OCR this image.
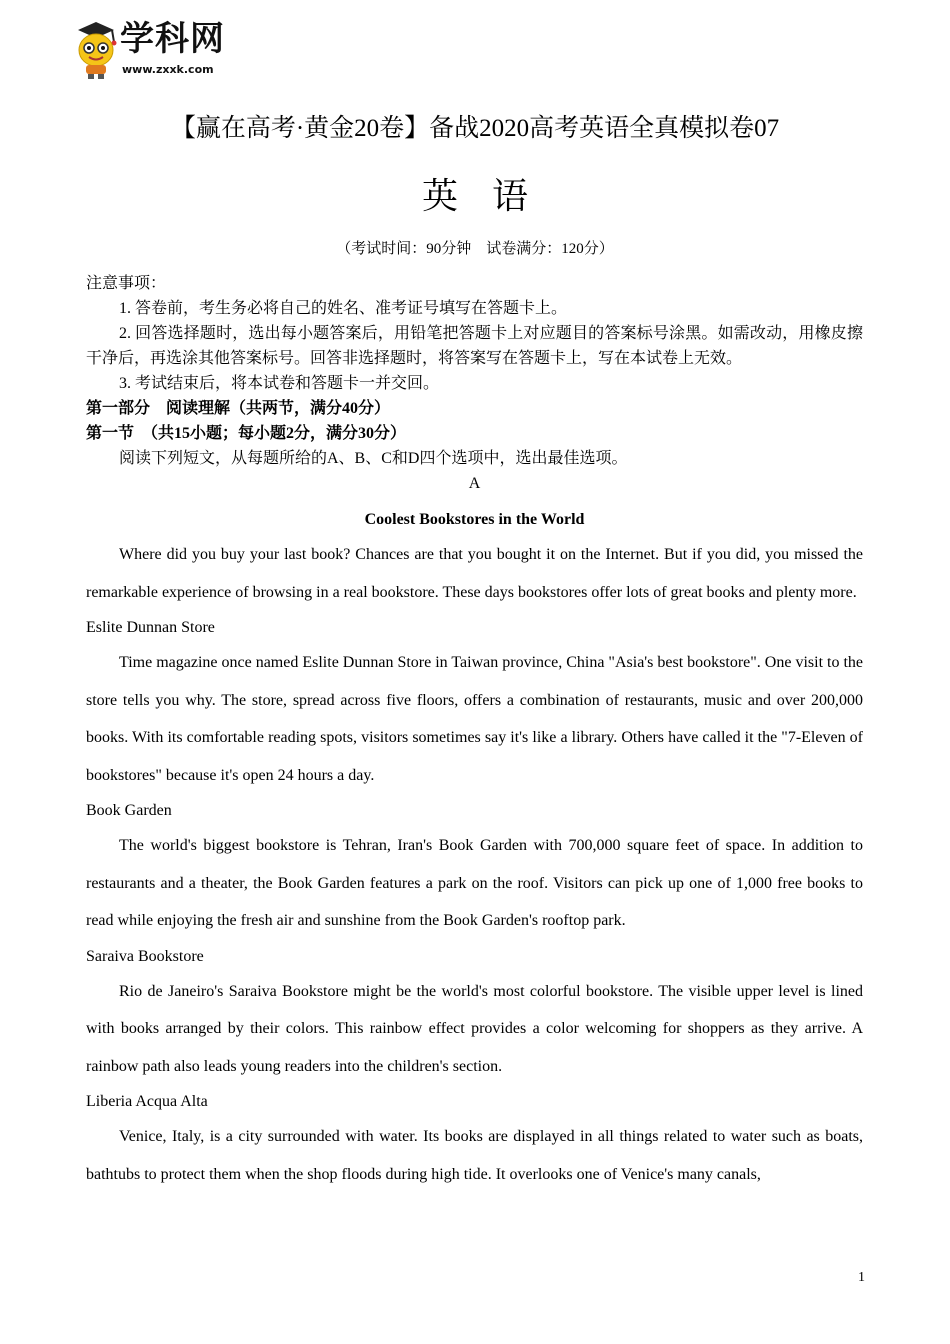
学科网
www.zxxk.com
【赢在高考·黄金20卷】备战2020高考英语全真模拟卷07
英语
（考试时间：90分钟　试卷满分：120分）
注意事项：
1. 答卷前，考生务必将自己的姓名、准考证号填写在答题卡上。
2. 回答选择题时，选出每小题答案后，用铅笔把答题卡上对应题目的答案标号涂黑。如需改动，用橡皮擦干净后，再选涂其他答案标号。回答非选择题时，将答案写在答题卡上，写在本试卷上无效。
3. 考试结束后，将本试卷和答题卡一并交回。
第一部分　阅读理解（共两节，满分40分）
第一节　（共15小题；每小题2分，满分30分）
阅读下列短文，从每题所给的A、B、C和D四个选项中，选出最佳选项。
A
Coolest Bookstores in the World
Where did you buy your last book? Chances are that you bought it on the Internet. But if you did, you missed the remarkable experience of browsing in a real bookstore. These days bookstores offer lots of great books and plenty more.
Eslite Dunnan Store
Time magazine once named Eslite Dunnan Store in Taiwan province, China "Asia's best bookstore". One visit to the store tells you why. The store, spread across five floors, offers a combination of restaurants, music and over 200,000 books. With its comfortable reading spots, visitors sometimes say it's like a library. Others have called it the "7-Eleven of bookstores" because it's open 24 hours a day.
Book Garden
The world's biggest bookstore is Tehran, Iran's Book Garden with 700,000 square feet of space. In addition to restaurants and a theater, the Book Garden features a park on the roof. Visitors can pick up one of 1,000 free books to read while enjoying the fresh air and sunshine from the Book Garden's rooftop park.
Saraiva Bookstore
Rio de Janeiro's Saraiva Bookstore might be the world's most colorful bookstore. The visible upper level is lined with books arranged by their colors. This rainbow effect provides a color welcoming for shoppers as they arrive. A rainbow path also leads young readers into the children's section.
Liberia Acqua Alta
Venice, Italy, is a city surrounded with water. Its books are displayed in all things related to water such as boats, bathtubs to protect them when the shop floods during high tide. It overlooks one of Venice's many canals,
1
